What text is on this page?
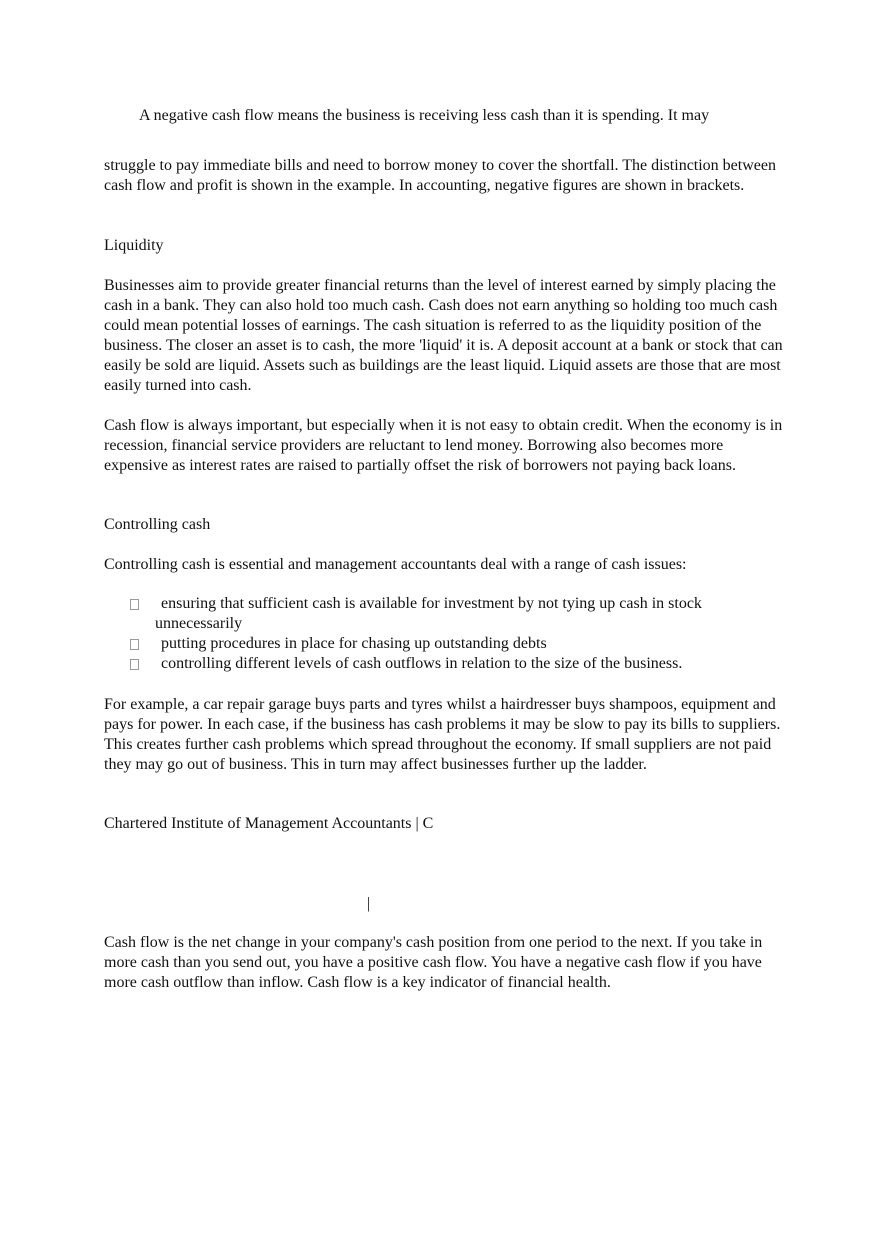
A negative cash flow means the business is receiving less cash than it is spending. It may

struggle to pay immediate bills and need to borrow money to cover the shortfall. The distinction between cash flow and profit is shown in the example. In accounting, negative figures are shown in brackets.

Liquidity

Businesses aim to provide greater financial returns than the level of interest earned by simply placing the cash in a bank. They can also hold too much cash. Cash does not earn anything so holding too much cash could mean potential losses of earnings. The cash situation is referred to as the liquidity position of the business. The closer an asset is to cash, the more 'liquid' it is. A deposit account at a bank or stock that can easily be sold are liquid. Assets such as buildings are the least liquid. Liquid assets are those that are most easily turned into cash.

Cash flow is always important, but especially when it is not easy to obtain credit. When the economy is in recession, financial service providers are reluctant to lend money. Borrowing also becomes more expensive as interest rates are raised to partially offset the risk of borrowers not paying back loans.

Controlling cash

Controlling cash is essential and management accountants deal with a range of cash issues:

ensuring that sufficient cash is available for investment by not tying up cash in stock
unnecessarily
putting procedures in place for chasing up outstanding debts
controlling different levels of cash outflows in relation to the size of the business.

For example, a car repair garage buys parts and tyres whilst a hairdresser buys shampoos, equipment and pays for power. In each case, if the business has cash problems it may be slow to pay its bills to suppliers. This creates further cash problems which spread throughout the economy. If small suppliers are not paid they may go out of business. This in turn may affect businesses further up the ladder.

Chartered Institute of Management Accountants | C

|

Cash flow is the net change in your company's cash position from one period to the next. If you take in more cash than you send out, you have a positive cash flow. You have a negative cash flow if you have more cash outflow than inflow. Cash flow is a key indicator of financial health.
